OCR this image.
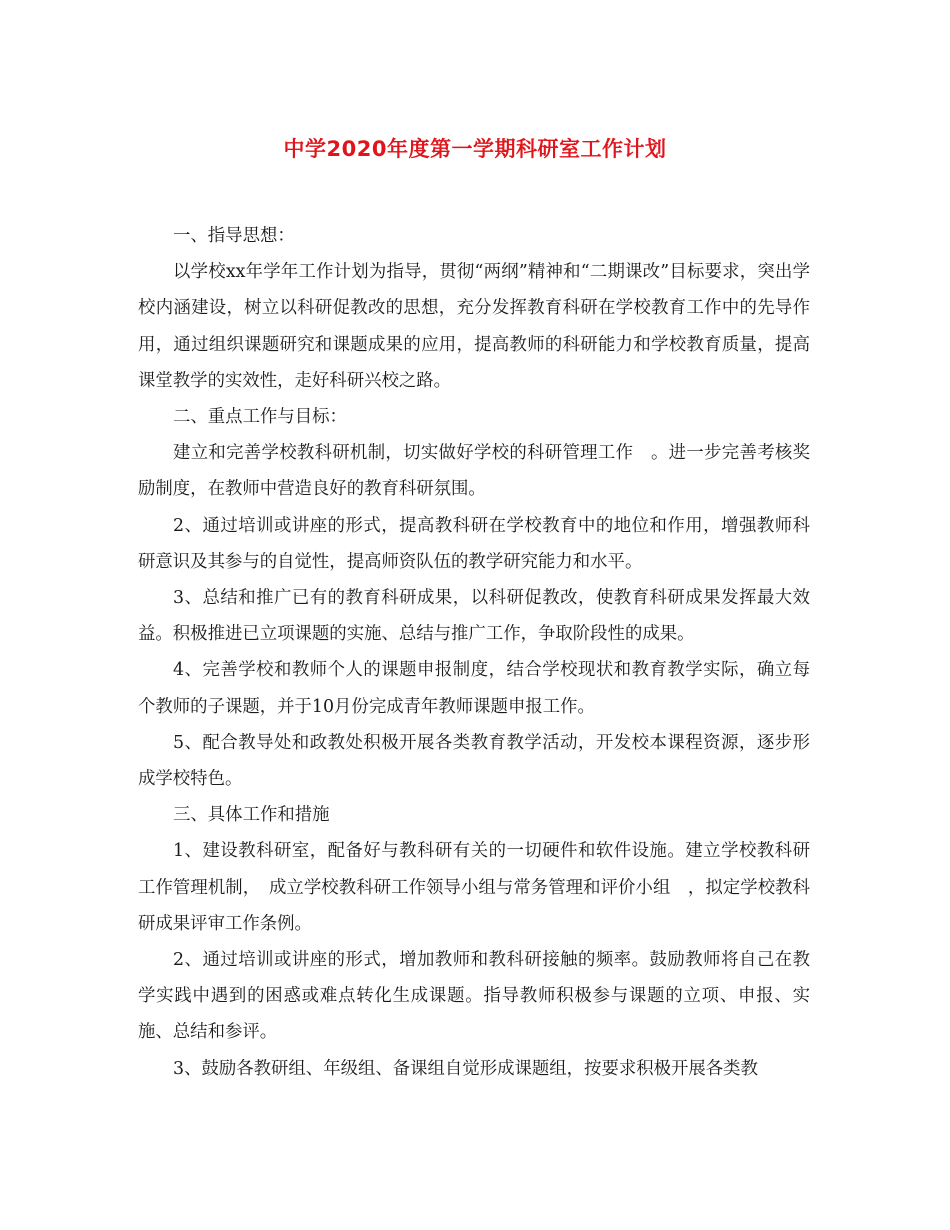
中学2020年度第一学期科研室工作计划

一、指导思想：

以学校xx年学年工作计划为指导，贯彻“两纲”精神和“二期课改”目标要求，突出学校内涵建设，树立以科研促教改的思想，充分发挥教育科研在学校教育工作中的先导作用，通过组织课题研究和课题成果的应用，提高教师的科研能力和学校教育质量，提高课堂教学的实效性，走好科研兴校之路。

二、重点工作与目标：

建立和完善学校教科研机制，切实做好学校的科研管理工作　。进一步完善考核奖励制度，在教师中营造良好的教育科研氛围。

2、通过培训或讲座的形式，提高教科研在学校教育中的地位和作用，增强教师科研意识及其参与的自觉性，提高师资队伍的教学研究能力和水平。

3、总结和推广已有的教育科研成果，以科研促教改，使教育科研成果发挥最大效益。积极推进已立项课题的实施、总结与推广工作，争取阶段性的成果。

4、完善学校和教师个人的课题申报制度，结合学校现状和教育教学实际，确立每个教师的子课题，并于10月份完成青年教师课题申报工作。

5、配合教导处和政教处积极开展各类教育教学活动，开发校本课程资源，逐步形成学校特色。

三、具体工作和措施

1、建设教科研室，配备好与教科研有关的一切硬件和软件设施。建立学校教科研工作管理机制，　成立学校教科研工作领导小组与常务管理和评价小组　，拟定学校教科研成果评审工作条例。

2、通过培训或讲座的形式，增加教师和教科研接触的频率。鼓励教师将自己在教学实践中遇到的困惑或难点转化生成课题。指导教师积极参与课题的立项、申报、实施、总结和参评。

3、鼓励各教研组、年级组、备课组自觉形成课题组，按要求积极开展各类教
